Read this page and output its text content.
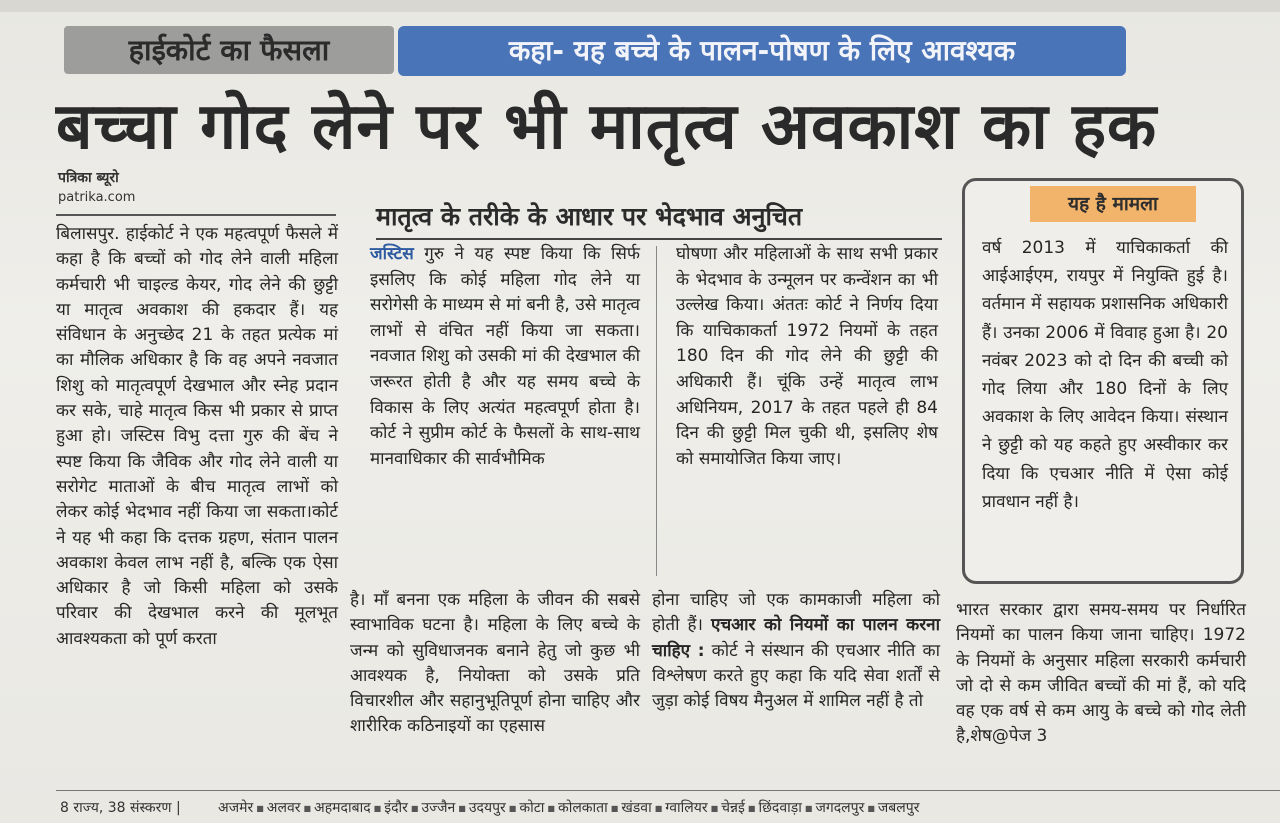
हाईकोर्ट का फैसला	कहा- यह बच्चे के पालन-पोषण के लिए आवश्यक
बच्चा गोद लेने पर भी मातृत्व अवकाश का हक
पत्रिका ब्यूरो
patrika.com
बिलासपुर. हाईकोर्ट ने एक महत्वपूर्ण फैसले में कहा है कि बच्चों को गोद लेने वाली महिला कर्मचारी भी चाइल्ड केयर, गोद लेने की छुट्टी या मातृत्व अवकाश की हकदार हैं। यह संविधान के अनुच्छेद 21 के तहत प्रत्येक मां का मौलिक अधिकार है कि वह अपने नवजात शिशु को मातृत्वपूर्ण देखभाल और स्नेह प्रदान कर सके, चाहे मातृत्व किस भी प्रकार से प्राप्त हुआ हो। जस्टिस विभु दत्ता गुरु की बेंच ने स्पष्ट किया कि जैविक और गोद लेने वाली या सरोगेट माताओं के बीच मातृत्व लाभों को लेकर कोई भेदभाव नहीं किया जा सकता।कोर्ट ने यह भी कहा कि दत्तक ग्रहण, संतान पालन अवकाश केवल लाभ नहीं है, बल्कि एक ऐसा अधिकार है जो किसी महिला को उसके परिवार की देखभाल करने की मूलभूत आवश्यकता को पूर्ण करता
मातृत्व के तरीके के आधार पर भेदभाव अनुचित
जस्टिस गुरु ने यह स्पष्ट किया कि सिर्फ इसलिए कि कोई महिला गोद लेने या सरोगेसी के माध्यम से मां बनी है, उसे मातृत्व लाभों से वंचित नहीं किया जा सकता। नवजात शिशु को उसकी मां की देखभाल की जरूरत होती है और यह समय बच्चे के विकास के लिए अत्यंत महत्वपूर्ण होता है। कोर्ट ने सुप्रीम कोर्ट के फैसलों के साथ-साथ मानवाधिकार की सार्वभौमिक
घोषणा और महिलाओं के साथ सभी प्रकार के भेदभाव के उन्मूलन पर कन्वेंशन का भी उल्लेख किया। अंततः कोर्ट ने निर्णय दिया कि याचिकाकर्ता 1972 नियमों के तहत 180 दिन की गोद लेने की छुट्टी की अधिकारी हैं। चूंकि उन्हें मातृत्व लाभ अधिनियम, 2017 के तहत पहले ही 84 दिन की छुट्टी मिल चुकी थी, इसलिए शेष को समायोजित किया जाए।
यह है मामला
वर्ष 2013 में याचिकाकर्ता की आईआईएम, रायपुर में नियुक्ति हुई है। वर्तमान में सहायक प्रशासनिक अधिकारी हैं। उनका 2006 में विवाह हुआ है। 20 नवंबर 2023 को दो दिन की बच्ची को गोद लिया और 180 दिनों के लिए अवकाश के लिए आवेदन किया। संस्थान ने छुट्टी को यह कहते हुए अस्वीकार कर दिया कि एचआर नीति में ऐसा कोई प्रावधान नहीं है।
है। माँ बनना एक महिला के जीवन की सबसे स्वाभाविक घटना है। महिला के लिए बच्चे के जन्म को सुविधाजनक बनाने हेतु जो कुछ भी आवश्यक है, नियोक्ता को उसके प्रति विचारशील और सहानुभूतिपूर्ण होना चाहिए और शारीरिक कठिनाइयों का एहसास
होना चाहिए जो एक कामकाजी महिला को होती हैं। एचआर को नियमों का पालन करना चाहिए : कोर्ट ने संस्थान की एचआर नीति का विश्लेषण करते हुए कहा कि यदि सेवा शर्तों से जुड़ा कोई विषय मैनुअल में शामिल नहीं है तो
भारत सरकार द्वारा समय-समय पर निर्धारित नियमों का पालन किया जाना चाहिए। 1972 के नियमों के अनुसार महिला सरकारी कर्मचारी जो दो से कम जीवित बच्चों की मां हैं, को यदि वह एक वर्ष से कम आयु के बच्चे को गोद लेती है,शेष@पेज 3
8 राज्य, 38 संस्करण |	अजमेर ■ अलवर ■ अहमदाबाद ■ इंदौर ■ उज्जैन ■ उदयपुर ■ कोटा ■ कोलकाता ■ खंडवा ■ ग्वालियर ■ चेन्नई ■ छिंदवाड़ा ■ जगदलपुर ■ जबलपुर
